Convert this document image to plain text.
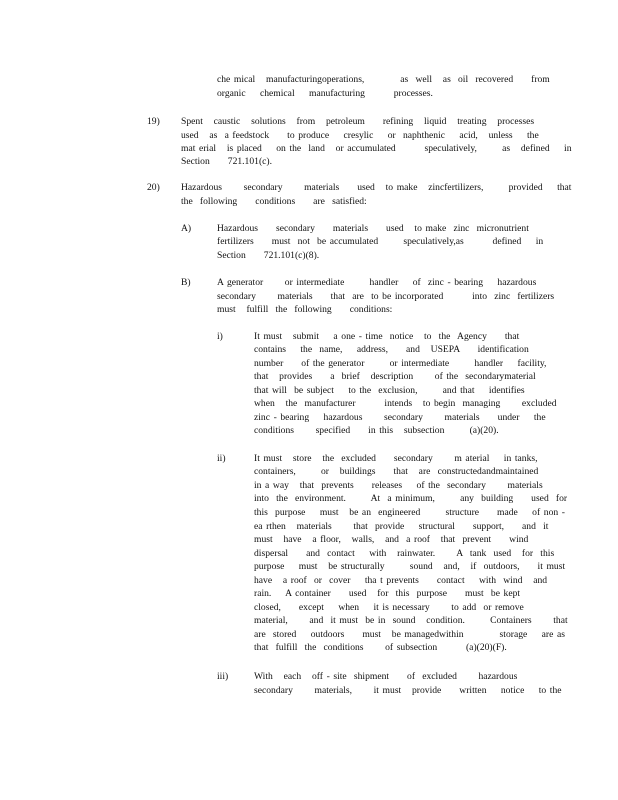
che mical   manufacturingoperations,          as  well   as  oil  recovered     from
organic    chemical    manufacturing        processes.
19) Spent   caustic   solutions   from   petroleum     refining   liquid   treating   processes
used   as  a feedstock     to produce    cresylic    or  naphthenic    acid,   unless    the
mat erial   is placed    on the  land   or accumulated        speculatively,       as   defined    in
Section     721.101(c).
20) Hazardous      secondary      materials     used   to make   zincfertilizers,       provided    that
the  following     conditions     are  satisfied:
A)	Hazardous     secondary     materials     used   to make  zinc  micronutrient
fertilizers     must  not  be accumulated       speculatively,as        defined    in
Section     721.101(c)(8).
B)	A generator      or intermediate       handler    of  zinc - bearing    hazardous
secondary      materials     that  are  to be incorporated        into  zinc  fertilizers
must   fulfill  the  following     conditions:
i)	It must   submit    a one - time  notice   to  the  Agency     that
contains    the  name,    address,     and   USEPA     identification
number     of the generator       or intermediate       handler    facility,
that   provides     a  brief   description      of the  secondarymaterial
that will  be subject    to the  exclusion,       and that    identifies
when   the  manufacturer        intends   to begin  managing      excluded
zinc - bearing    hazardous      secondary      materials     under    the
conditions      specified     in this   subsection       (a)(20).
ii)	It must   store   the  excluded     secondary      m aterial    in tanks,
containers,       or   buildings     that   are  constructedandmaintained
in a way   that  prevents     releases    of the  secondary      materials
into  the  environment.       At  a minimum,       any  building     used  for
this  purpose    must   be an  engineered       structure     made    of non -
ea rthen   materials      that  provide    structural     support,     and  it
must   have   a floor,   walls,   and  a roof   that  prevent     wind
dispersal     and  contact    with   rainwater.      A  tank  used   for  this
purpose    must   be structurally       sound   and,   if  outdoors,     it must
have   a roof  or  cover    tha t prevents     contact    with  wind   and
rain.    A container     used   for  this  purpose     must  be kept
closed,     except    when    it is necessary      to add  or remove
material,      and  it must  be in  sound   condition.       Containers      that
are  stored    outdoors     must   be managedwithin          storage    are as
that  fulfill  the  conditions      of subsection        (a)(20)(F).
iii)	With   each   off - site  shipment     of  excluded      hazardous
secondary      materials,      it must   provide     written    notice    to the
